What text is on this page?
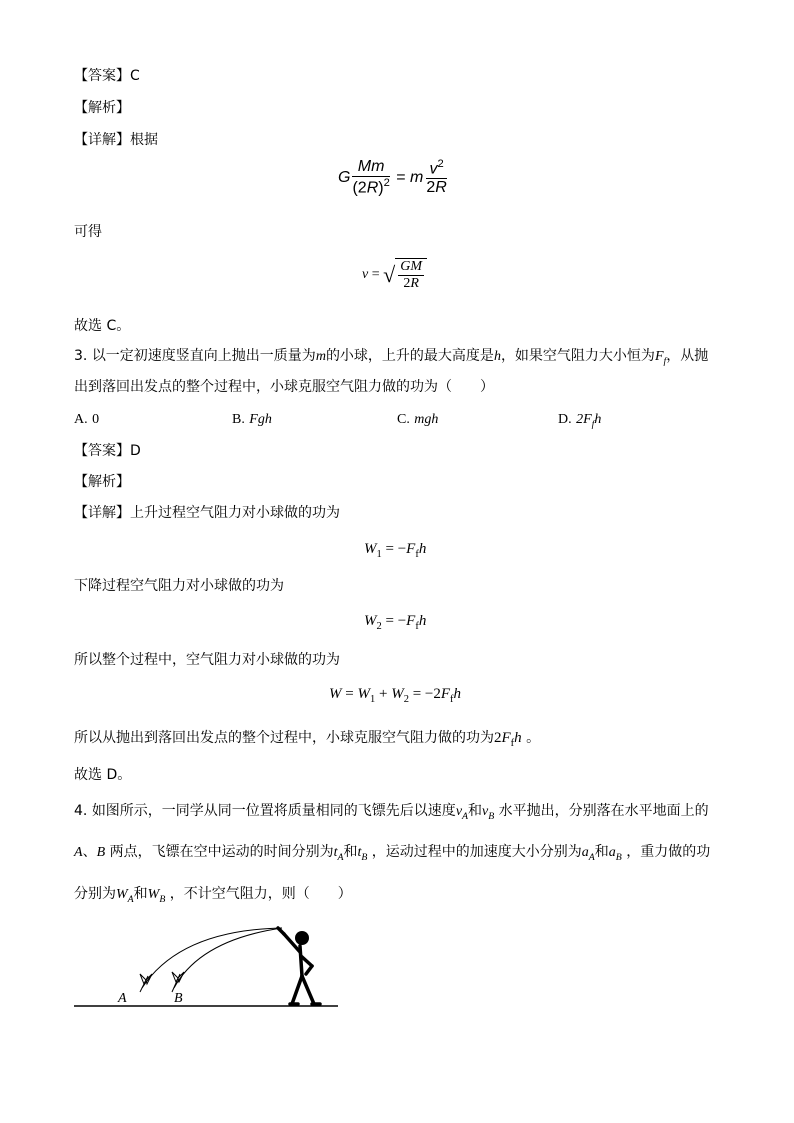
【答案】C
【解析】
【详解】根据
G $\frac{Mm}{(2R)^2} = m \frac{v^2}{2R}$
可得
v = √ $\frac{GM}{2R}$
故选 C。
3. 以一定初速度竖直向上抛出一质量为m的小球，上升的最大高度是h，如果空气阻力大小恒为$F_f$，从抛
出到落回出发点的整个过程中，小球克服空气阻力做的功为（　　）
A. 0	B. Fgh	C. mgh	D. $2F_fh$
【答案】D
【解析】
【详解】上升过程空气阻力对小球做的功为
$W_1 = -F_fh$
下降过程空气阻力对小球做的功为
$W_2 = -F_fh$
所以整个过程中，空气阻力对小球做的功为
$W = W_1 + W_2 = -2F_fh$
所以从抛出到落回出发点的整个过程中，小球克服空气阻力做的功为$2F_fh$ 。
故选 D。
4. 如图所示，一同学从同一位置将质量相同的飞镖先后以速度$v_A$和$v_B$ 水平抛出，分别落在水平地面上的
A、B 两点，飞镖在空中运动的时间分别为$t_A$和$t_B$ ，运动过程中的加速度大小分别为$a_A$和$a_B$ ，重力做的功
分别为$W_A$和$W_B$ ，不计空气阻力，则（　　）
A	B
